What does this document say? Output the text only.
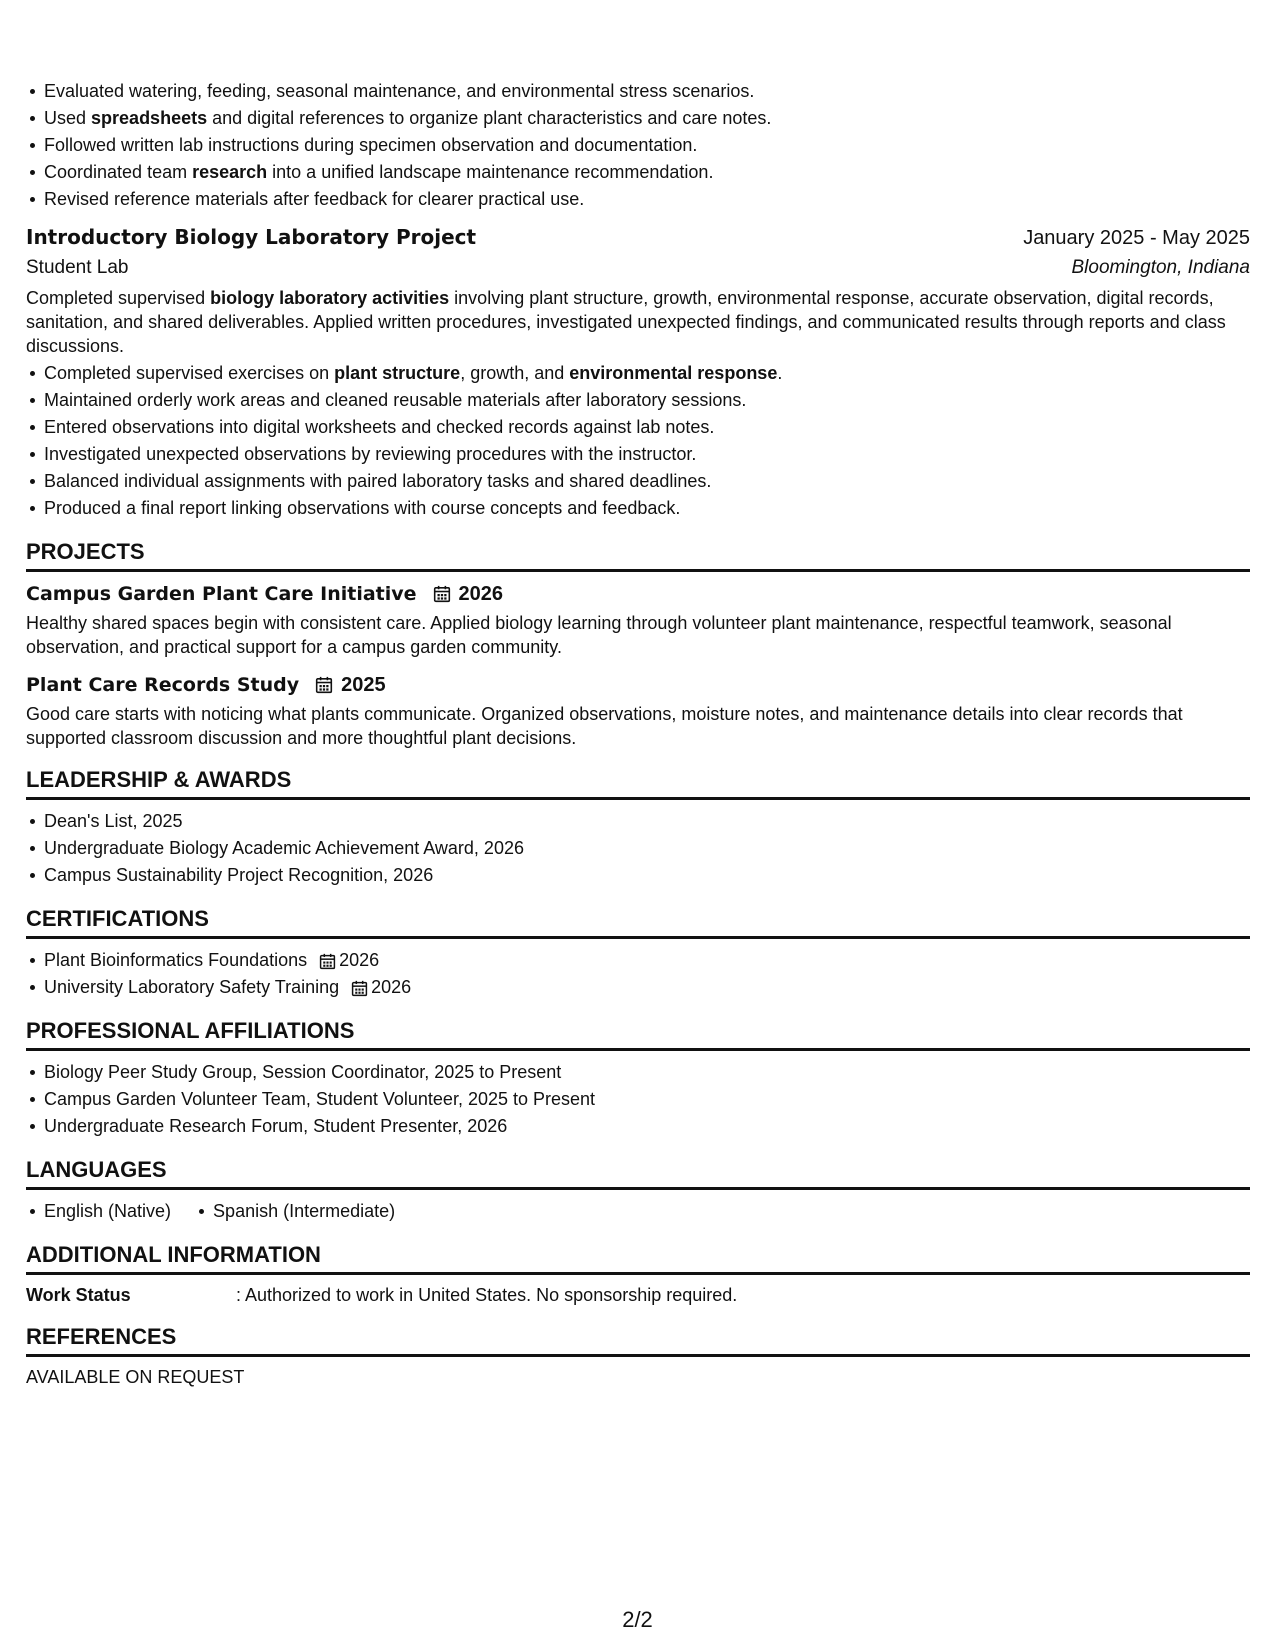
Evaluated watering, feeding, seasonal maintenance, and environmental stress scenarios.
Used spreadsheets and digital references to organize plant characteristics and care notes.
Followed written lab instructions during specimen observation and documentation.
Coordinated team research into a unified landscape maintenance recommendation.
Revised reference materials after feedback for clearer practical use.
Introductory Biology Laboratory Project	January 2025 - May 2025
Student Lab	Bloomington, Indiana

Completed supervised biology laboratory activities involving plant structure, growth, environmental response, accurate observation, digital records, sanitation, and shared deliverables. Applied written procedures, investigated unexpected findings, and communicated results through reports and class discussions.

Completed supervised exercises on plant structure, growth, and environmental response.
Maintained orderly work areas and cleaned reusable materials after laboratory sessions.
Entered observations into digital worksheets and checked records against lab notes.
Investigated unexpected observations by reviewing procedures with the instructor.
Balanced individual assignments with paired laboratory tasks and shared deadlines.
Produced a final report linking observations with course concepts and feedback.
PROJECTS
Campus Garden Plant Care Initiative 2026

Healthy shared spaces begin with consistent care. Applied biology learning through volunteer plant maintenance, respectful teamwork, seasonal observation, and practical support for a campus garden community.

Plant Care Records Study 2025

Good care starts with noticing what plants communicate. Organized observations, moisture notes, and maintenance details into clear records that supported classroom discussion and more thoughtful plant decisions.

LEADERSHIP & AWARDS
Dean's List, 2025
Undergraduate Biology Academic Achievement Award, 2026
Campus Sustainability Project Recognition, 2026
CERTIFICATIONS
Plant Bioinformatics Foundations 2026
University Laboratory Safety Training 2026
PROFESSIONAL AFFILIATIONS
Biology Peer Study Group, Session Coordinator, 2025 to Present
Campus Garden Volunteer Team, Student Volunteer, 2025 to Present
Undergraduate Research Forum, Student Presenter, 2026
LANGUAGES
English (Native) Spanish (Intermediate)
ADDITIONAL INFORMATION
Work Status	: Authorized to work in United States. No sponsorship required.
REFERENCES
AVAILABLE ON REQUEST
2/2
